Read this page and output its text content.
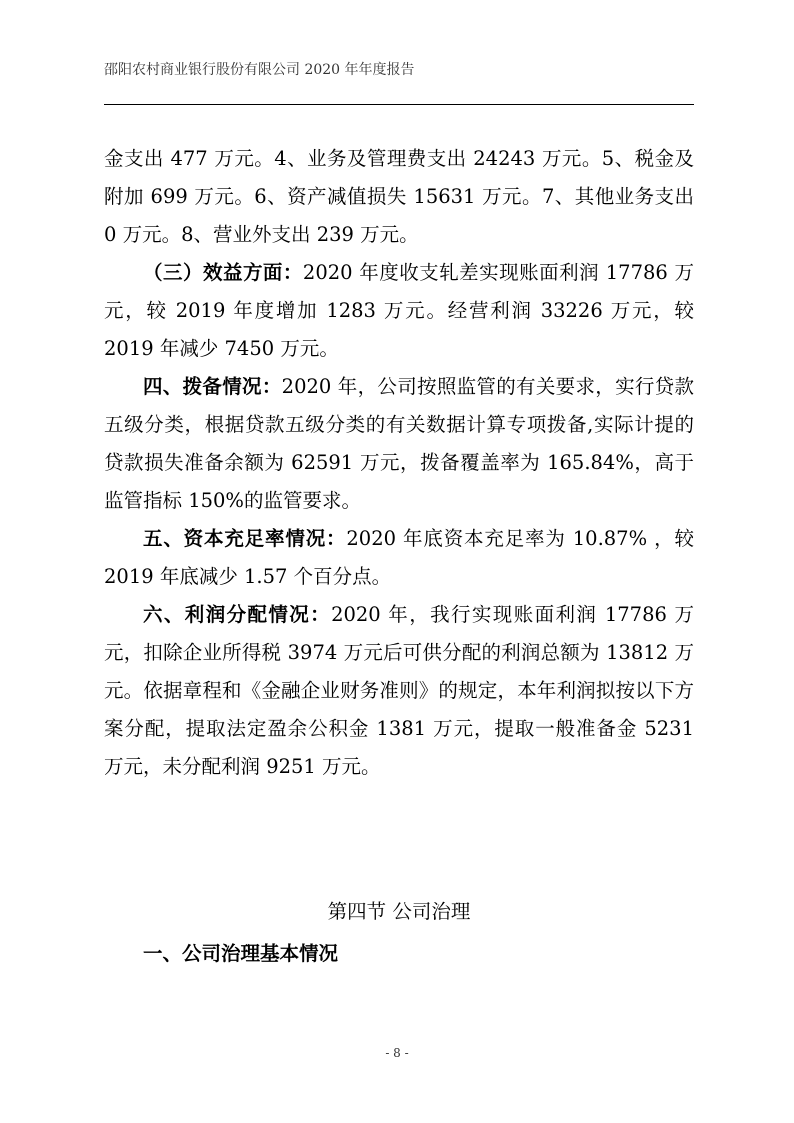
邵阳农村商业银行股份有限公司 2020 年年度报告

金支出 477 万元。4、业务及管理费支出 24243 万元。5、税金及附加 699 万元。6、资产减值损失 15631 万元。7、其他业务支出 0 万元。8、营业外支出 239 万元。

（三）效益方面：2020 年度收支轧差实现账面利润 17786 万元，较 2019 年度增加 1283 万元。经营利润 33226 万元，较 2019 年减少 7450 万元。

四、拨备情况：2020 年，公司按照监管的有关要求，实行贷款五级分类，根据贷款五级分类的有关数据计算专项拨备,实际计提的贷款损失准备余额为 62591 万元，拨备覆盖率为 165.84%，高于监管指标 150%的监管要求。

五、资本充足率情况：2020 年底资本充足率为 10.87% ，较 2019 年底减少 1.57 个百分点。

六、利润分配情况：2020 年，我行实现账面利润 17786 万元，扣除企业所得税 3974 万元后可供分配的利润总额为 13812 万元。依据章程和《金融企业财务准则》的规定，本年利润拟按以下方案分配，提取法定盈余公积金 1381 万元，提取一般准备金 5231 万元，未分配利润 9251 万元。

第四节 公司治理
一、公司治理基本情况
- 8 -
